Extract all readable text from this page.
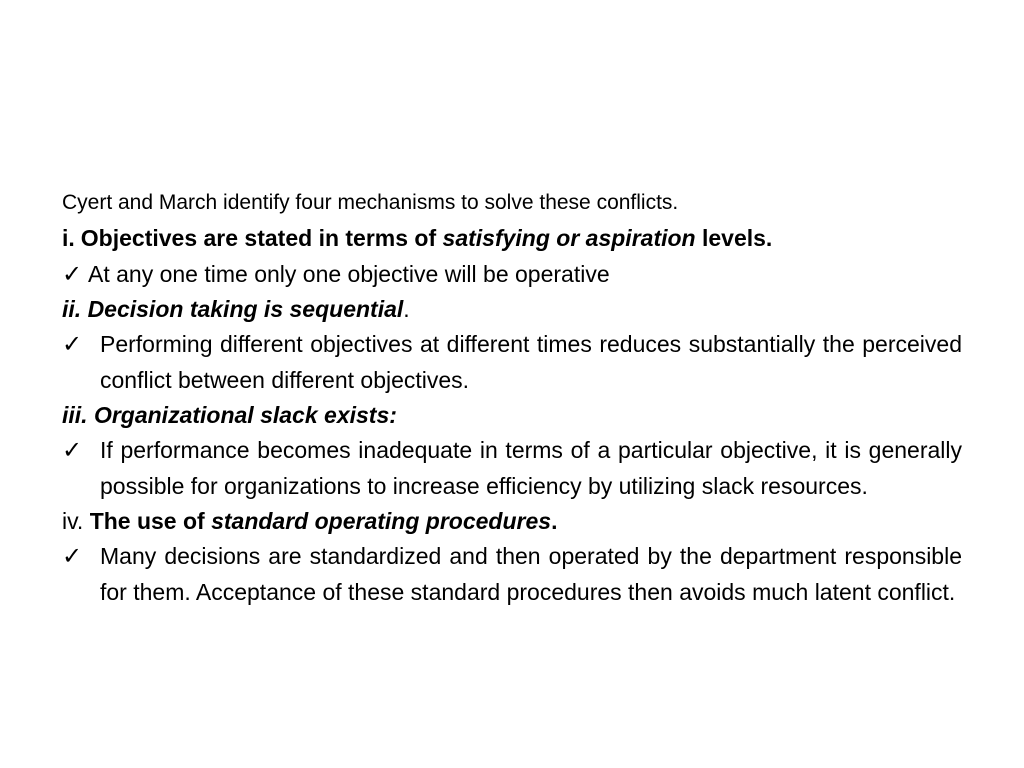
Cyert and March identify four mechanisms to solve these conflicts.

i. Objectives are stated in terms of satisfying or aspiration levels.

✓ At any one time only one objective will be operative

ii. Decision taking is sequential.

✓ Performing different objectives at different times reduces substantially the perceived conflict between different objectives.

iii. Organizational slack exists:

✓ If performance becomes inadequate in terms of a particular objective, it is generally possible for organizations to increase efficiency by utilizing slack resources.

iv. The use of standard operating procedures.

✓ Many decisions are standardized and then operated by the department responsible for them. Acceptance of these standard procedures then avoids much latent conflict.
